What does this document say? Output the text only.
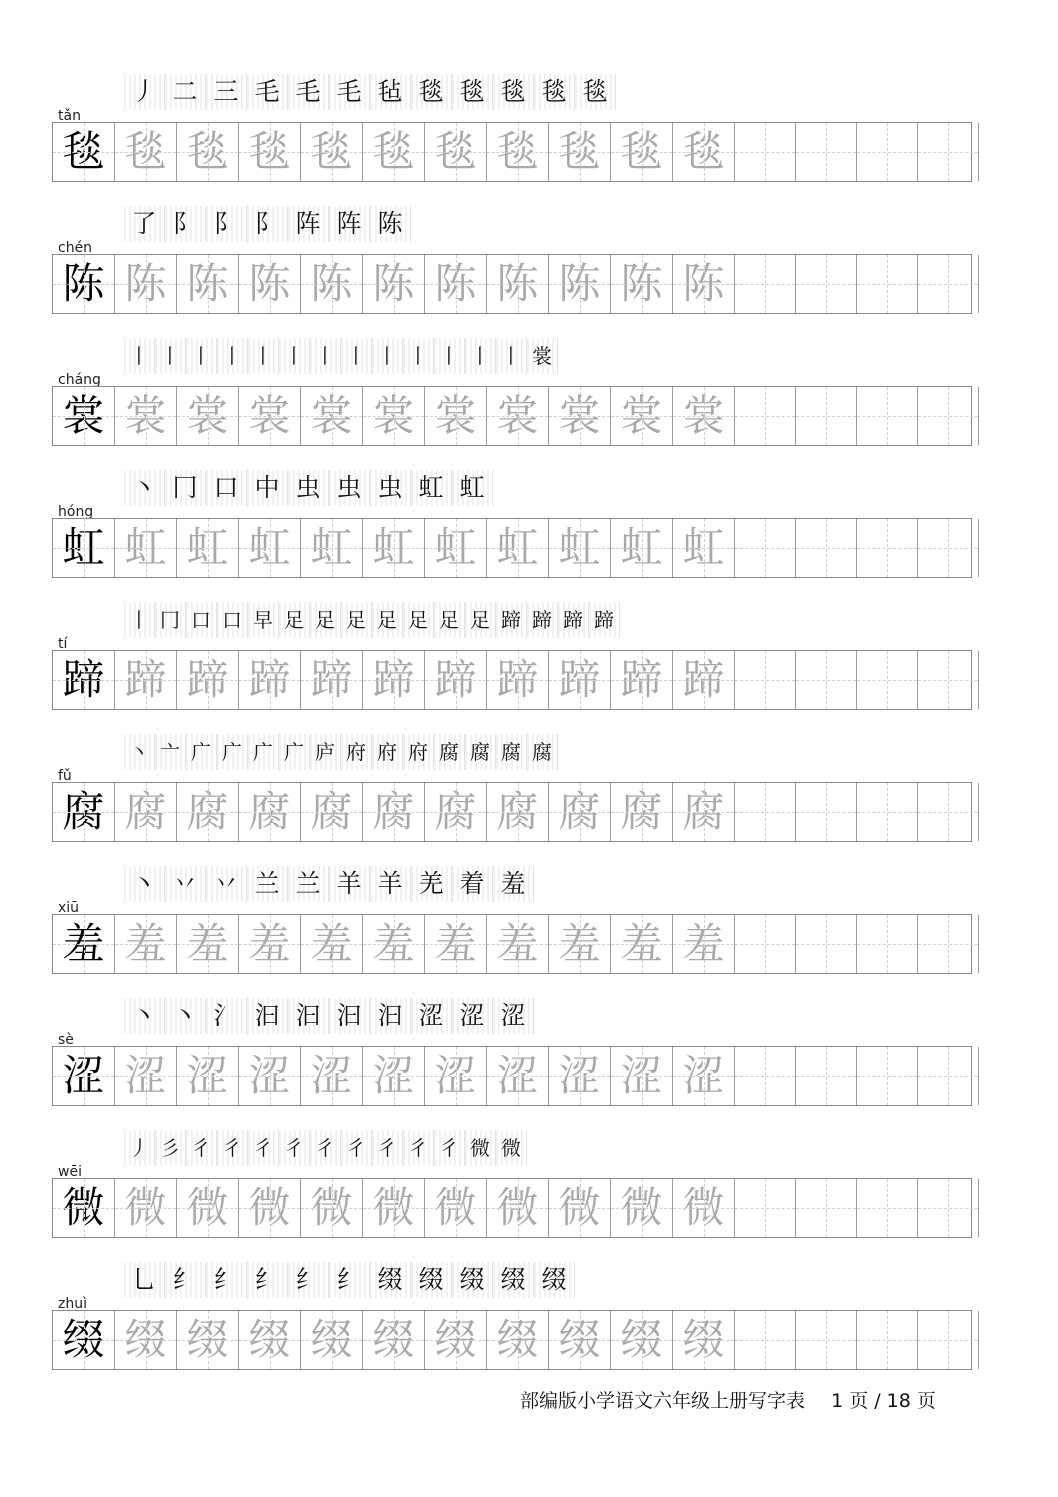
丿 二 三 毛 毛 毛 毡 毯 毯 毯 毯 毯
tǎn
毯 毯 毯 毯 毯 毯 毯 毯 毯 毯 毯
了 阝 阝 阝 阵 阵 陈
chén
陈 陈 陈 陈 陈 陈 陈 陈 陈 陈 陈
丨 丨 丨 丨 丨 丨 丨 丨 丨 丨 丨 丨 丨 裳
cháng
裳 裳 裳 裳 裳 裳 裳 裳 裳 裳 裳
丶 冂 口 中 虫 虫 虫 虹 虹
hóng
虹 虹 虹 虹 虹 虹 虹 虹 虹 虹 虹
丨 冂 口 口 早 足 足 足 足 足 足 足 蹄 蹄 蹄 蹄
tí
蹄 蹄 蹄 蹄 蹄 蹄 蹄 蹄 蹄 蹄 蹄
丶 亠 广 广 广 广 庐 府 府 府 腐 腐 腐 腐
fǔ
腐 腐 腐 腐 腐 腐 腐 腐 腐 腐 腐
丶 丷 丷 兰 兰 羊 羊 羌 着 羞
xiū
羞 羞 羞 羞 羞 羞 羞 羞 羞 羞 羞
丶 丶 氵 汩 汩 汩 汩 涩 涩 涩
sè
涩 涩 涩 涩 涩 涩 涩 涩 涩 涩 涩
丿 彡 彳 彳 彳 彳 彳 彳 彳 彳 彳 微 微
wēi
微 微 微 微 微 微 微 微 微 微 微
乚 纟 纟 纟 纟 纟 缀 缀 缀 缀 缀
zhuì
缀 缀 缀 缀 缀 缀 缀 缀 缀 缀 缀
部编版小学语文六年级上册写字表 1 页 / 18 页
